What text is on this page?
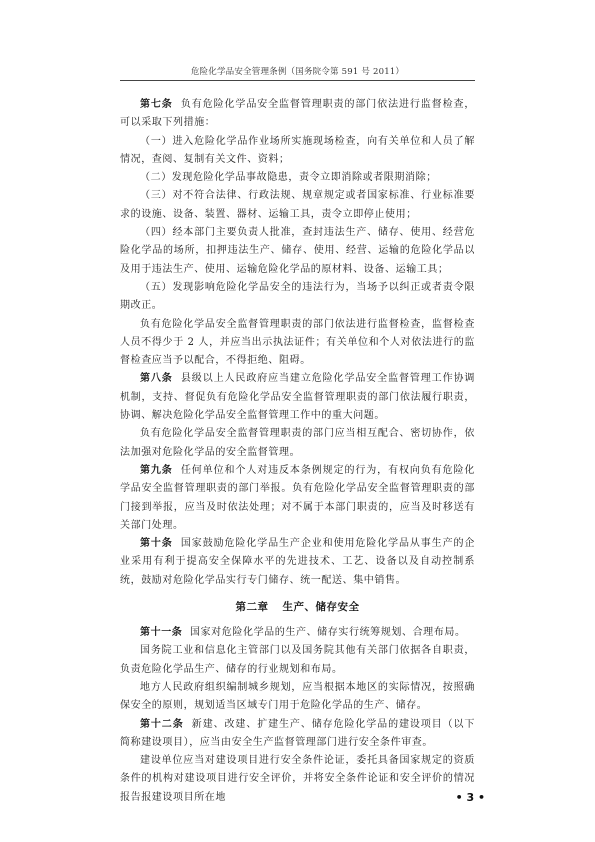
危险化学品安全管理条例（国务院令第 591 号 2011）

第七条 负有危险化学品安全监督管理职责的部门依法进行监督检查，可以采取下列措施：

（一）进入危险化学品作业场所实施现场检查，向有关单位和人员了解情况，查阅、复制有关文件、资料；

（二）发现危险化学品事故隐患，责令立即消除或者限期消除；

（三）对不符合法律、行政法规、规章规定或者国家标准、行业标准要求的设施、设备、装置、器材、运输工具，责令立即停止使用；

（四）经本部门主要负责人批准，查封违法生产、储存、使用、经营危险化学品的场所，扣押违法生产、储存、使用、经营、运输的危险化学品以及用于违法生产、使用、运输危险化学品的原材料、设备、运输工具；

（五）发现影响危险化学品安全的违法行为，当场予以纠正或者责令限期改正。

负有危险化学品安全监督管理职责的部门依法进行监督检查，监督检查人员不得少于 2 人，并应当出示执法证件；有关单位和个人对依法进行的监督检查应当予以配合，不得拒绝、阻碍。

第八条 县级以上人民政府应当建立危险化学品安全监督管理工作协调机制，支持、督促负有危险化学品安全监督管理职责的部门依法履行职责，协调、解决危险化学品安全监督管理工作中的重大问题。

负有危险化学品安全监督管理职责的部门应当相互配合、密切协作，依法加强对危险化学品的安全监督管理。

第九条 任何单位和个人对违反本条例规定的行为，有权向负有危险化学品安全监督管理职责的部门举报。负有危险化学品安全监督管理职责的部门接到举报，应当及时依法处理；对不属于本部门职责的，应当及时移送有关部门处理。

第十条 国家鼓励危险化学品生产企业和使用危险化学品从事生产的企业采用有利于提高安全保障水平的先进技术、工艺、设备以及自动控制系统，鼓励对危险化学品实行专门储存、统一配送、集中销售。

第二章 生产、储存安全

第十一条 国家对危险化学品的生产、储存实行统筹规划、合理布局。

国务院工业和信息化主管部门以及国务院其他有关部门依据各自职责，负责危险化学品生产、储存的行业规划和布局。

地方人民政府组织编制城乡规划，应当根据本地区的实际情况，按照确保安全的原则，规划适当区域专门用于危险化学品的生产、储存。

第十二条 新建、改建、扩建生产、储存危险化学品的建设项目（以下简称建设项目），应当由安全生产监督管理部门进行安全条件审查。

建设单位应当对建设项目进行安全条件论证，委托具备国家规定的资质条件的机构对建设项目进行安全评价，并将安全条件论证和安全评价的情况报告报建设项目所在地	• 3 •
